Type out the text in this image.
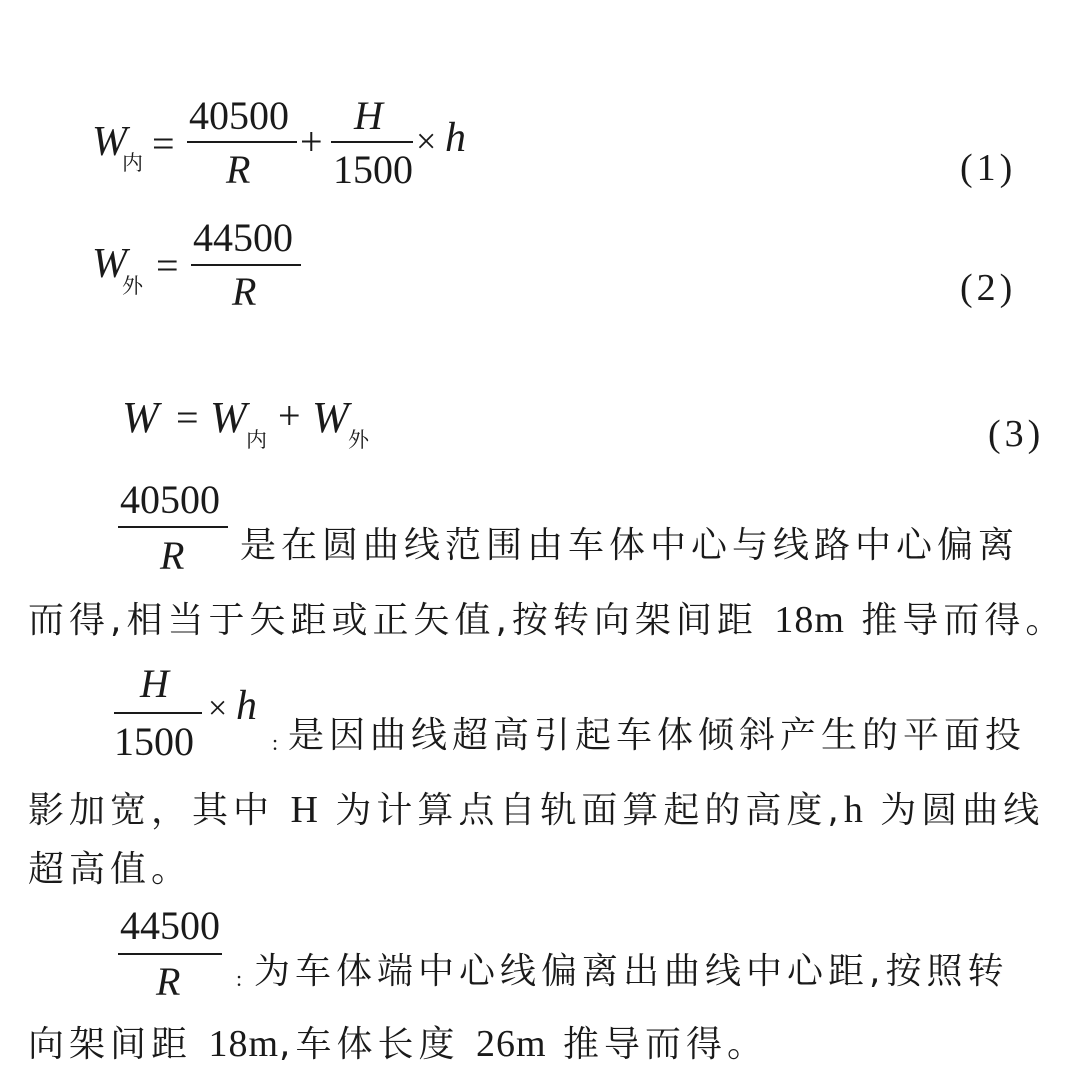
W
内 =
40500
R
+
H
1500
× h
(1)
W
外 =
44500
R	(2)
W = W 内
+ W 外	(3)
40500
R 是在圆曲线范围由车体中心与线路中心偏离
而得,相当于矢距或正矢值,按转向架间距 18m 推导而得。
H
1500
× h
: 是因曲线超高引起车体倾斜产生的平面投
影加宽，其中 H 为计算点自轨面算起的高度,h 为圆曲线
超高值。
44500
R	: 为车体端中心线偏离出曲线中心距,按照转
向架间距 18m,车体长度 26m 推导而得。
